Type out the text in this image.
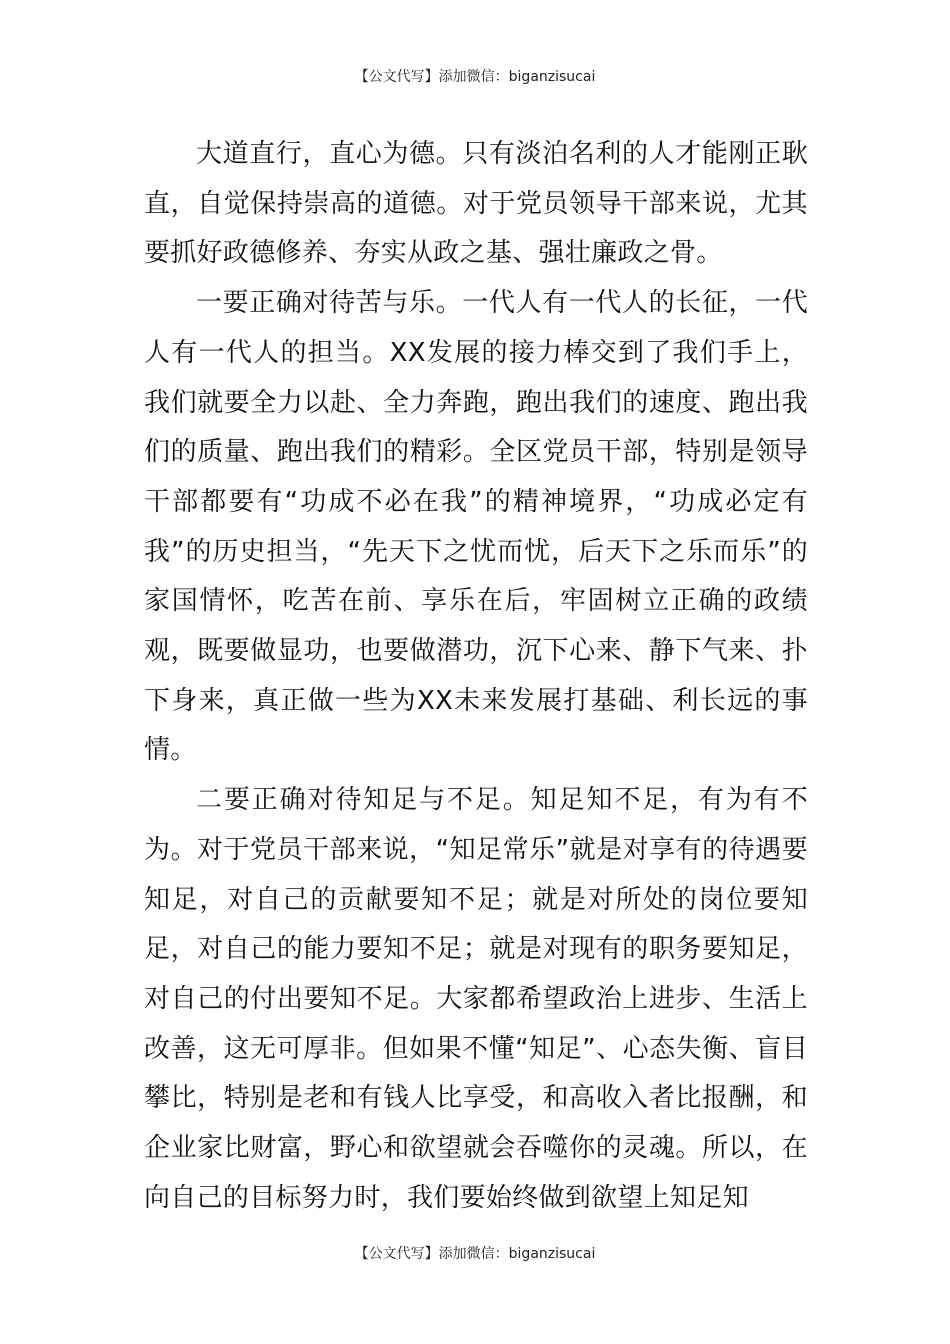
【公文代写】添加微信：biganzisucai

大道直行，直心为德。只有淡泊名利的人才能刚正耿直，自觉保持崇高的道德。对于党员领导干部来说，尤其要抓好政德修养、夯实从政之基、强壮廉政之骨。

一要正确对待苦与乐。一代人有一代人的长征，一代人有一代人的担当。XX发展的接力棒交到了我们手上，我们就要全力以赴、全力奔跑，跑出我们的速度、跑出我们的质量、跑出我们的精彩。全区党员干部，特别是领导干部都要有“功成不必在我”的精神境界，“功成必定有我”的历史担当，“先天下之忧而忧，后天下之乐而乐”的家国情怀，吃苦在前、享乐在后，牢固树立正确的政绩观，既要做显功，也要做潜功，沉下心来、静下气来、扑下身来，真正做一些为XX未来发展打基础、利长远的事情。

二要正确对待知足与不足。知足知不足，有为有不为。对于党员干部来说，“知足常乐”就是对享有的待遇要知足，对自己的贡献要知不足；就是对所处的岗位要知足，对自己的能力要知不足；就是对现有的职务要知足，对自己的付出要知不足。大家都希望政治上进步、生活上改善，这无可厚非。但如果不懂“知足”、心态失衡、盲目攀比，特别是老和有钱人比享受，和高收入者比报酬，和企业家比财富，野心和欲望就会吞噬你的灵魂。所以，在向自己的目标努力时，我们要始终做到欲望上知足知

【公文代写】添加微信：biganzisucai
